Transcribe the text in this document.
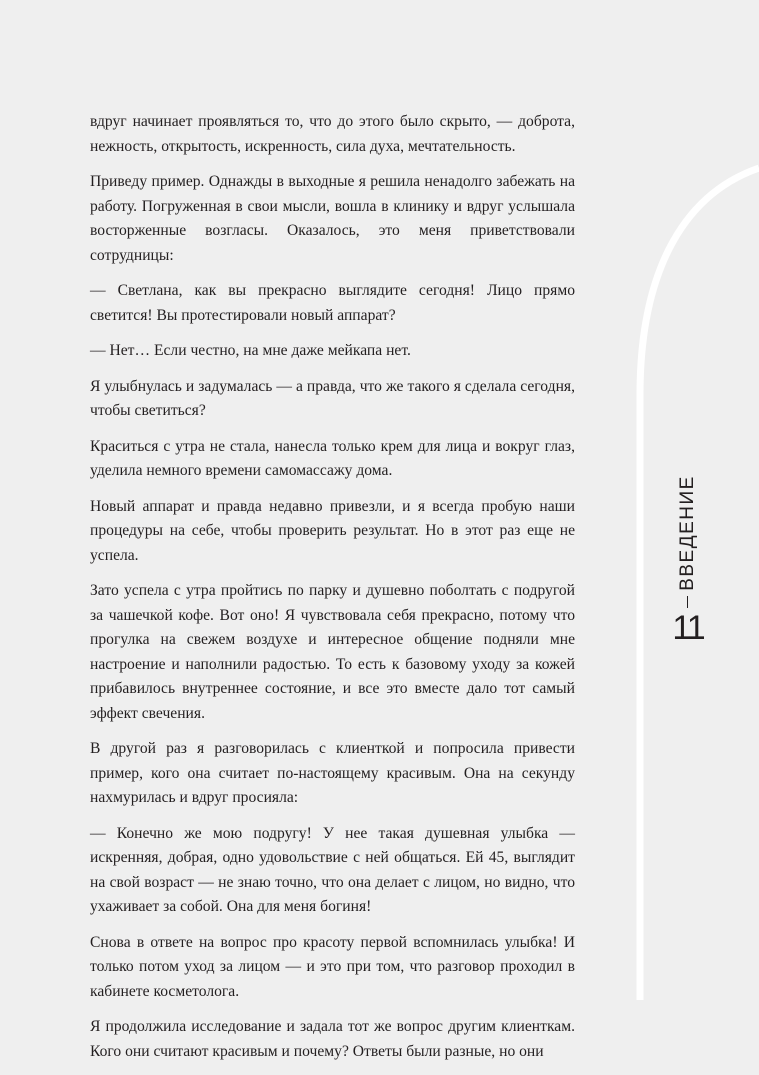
вдруг начинает проявляться то, что до этого было скрыто, — доброта, нежность, открытость, искренность, сила духа, мечтательность.

Приведу пример. Однажды в выходные я решила ненадолго забежать на работу. Погруженная в свои мысли, вошла в клинику и вдруг услышала восторженные возгласы. Оказалось, это меня приветствовали сотрудницы:

— Светлана, как вы прекрасно выглядите сегодня! Лицо прямо светится! Вы протестировали новый аппарат?

— Нет… Если честно, на мне даже мейкапа нет.

Я улыбнулась и задумалась — а правда, что же такого я сделала сегодня, чтобы светиться?

Краситься с утра не стала, нанесла только крем для лица и вокруг глаз, уделила немного времени самомассажу дома.

Новый аппарат и правда недавно привезли, и я всегда пробую наши процедуры на себе, чтобы проверить результат. Но в этот раз еще не успела.

Зато успела с утра пройтись по парку и душевно поболтать с подругой за чашечкой кофе. Вот оно! Я чувствовала себя прекрасно, потому что прогулка на свежем воздухе и интересное общение подняли мне настроение и наполнили радостью. То есть к базовому уходу за кожей прибавилось внутреннее состояние, и все это вместе дало тот самый эффект свечения.

В другой раз я разговорилась с клиенткой и попросила привести пример, кого она считает по-настоящему красивым. Она на секунду нахмурилась и вдруг просияла:

— Конечно же мою подругу! У нее такая душевная улыбка — искренняя, добрая, одно удовольствие с ней общаться. Ей 45, выглядит на свой возраст — не знаю точно, что она делает с лицом, но видно, что ухаживает за собой. Она для меня богиня!

Снова в ответе на вопрос про красоту первой вспомнилась улыбка! И только потом уход за лицом — и это при том, что разговор проходил в кабинете косметолога.

Я продолжила исследование и задала тот же вопрос другим клиенткам. Кого они считают красивым и почему? Ответы были разные, но они

ВВЕДЕНИЕ
11
